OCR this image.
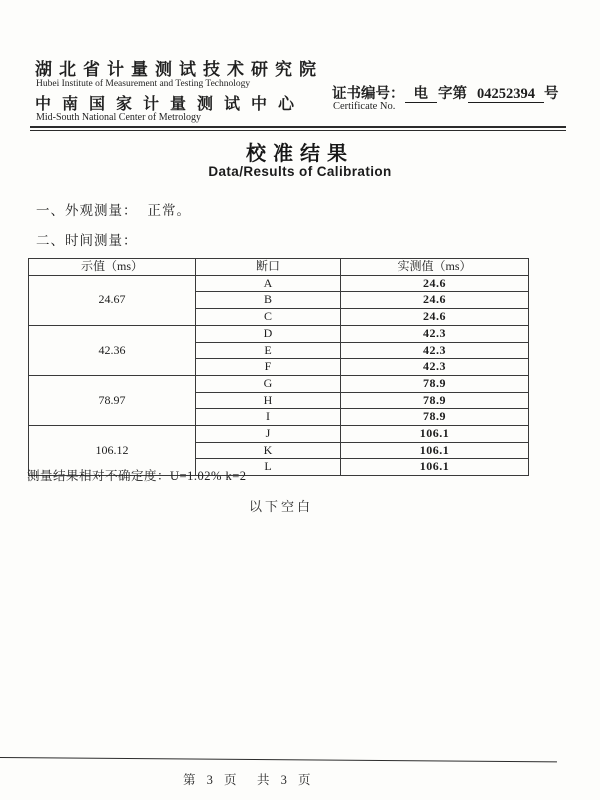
湖北省计量测试技术研究院
Hubei Institute of Measurement and Testing Technology
中南国家计量测试中心
Mid-South National Center of Metrology
证书编号： 电 字第 04252394 号
Certificate No.
校准结果
Data/Results of Calibration
一、外观测量： 正常。
二、时间测量：
示值（ms）	断口	实测值（ms）
24.67	A	24.6
	B	24.6
	C	24.6
42.36	D	42.3
	E	42.3
	F	42.3
78.97	G	78.9
	H	78.9
	I	78.9
106.12	J	106.1
	K	106.1
	L	106.1
测量结果相对不确定度：U=1.02% k=2
以下空白
第 3 页　共 3 页
